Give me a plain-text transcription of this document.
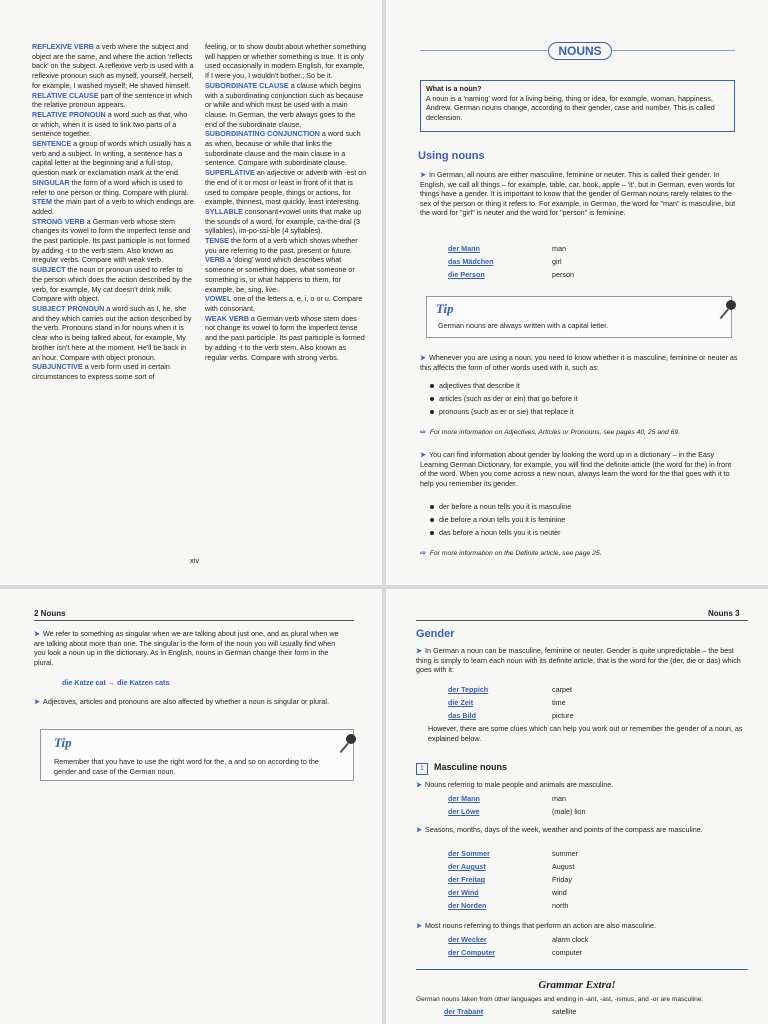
REFLEXIVE VERB a verb where the subject and object are the same, and where the action 'reflects back' on the subject. A reflexive verb is used with a reflexive pronoun such as myself, yourself, herself, for example, I washed myself; He shaved himself.

RELATIVE CLAUSE part of the sentence in which the relative pronoun appears.

RELATIVE PRONOUN a word such as that, who or which, when it is used to link two parts of a sentence together.

SENTENCE a group of words which usually has a verb and a subject. In writing, a sentence has a capital letter at the beginning and a full stop, question mark or exclamation mark at the end.

SINGULAR the form of a word which is used to refer to one person or thing. Compare with plural.

STEM the main part of a verb to which endings are added.

STRONG VERB a German verb whose stem changes its vowel to form the imperfect tense and the past participle. Its past participle is not formed by adding -t to the verb stem. Also known as irregular verbs. Compare with weak verb.

SUBJECT the noun or pronoun used to refer to the person which does the action described by the verb, for example, My cat doesn't drink milk. Compare with object.

SUBJECT PRONOUN a word such as I, he, she and they which carries out the action described by the verb. Pronouns stand in for nouns when it is clear who is being talked about, for example, My brother isn't here at the moment. He'll be back in an hour. Compare with object pronoun.

SUBJUNCTIVE a verb form used in certain circumstances to express some sort of

feeling, or to show doubt about whether something will happen or whether something is true. It is only used occasionally in modern English, for example, If I were you, I wouldn't bother.; So be it.

SUBORDINATE CLAUSE a clause which begins with a subordinating conjunction such as because or while and which must be used with a main clause. In German, the verb always goes to the end of the subordinate clause.

SUBORDINATING CONJUNCTION a word such as when, because or while that links the subordinate clause and the main clause in a sentence. Compare with subordinate clause.

SUPERLATIVE an adjective or adverb with -est on the end of it or most or least in front of it that is used to compare people, things or actions, for example, thinnest, most quickly, least interesting.

SYLLABLE consonant+vowel units that make up the sounds of a word, for example, ca-the-dral (3 syllables), im-po-ssi-ble (4 syllables).

TENSE the form of a verb which shows whether you are referring to the past, present or future.

VERB a 'doing' word which describes what someone or something does, what someone or something is, or what happens to them, for example, be, sing, live.

VOWEL one of the letters a, e, i, o or u. Compare with consonant.

WEAK VERB a German verb whose stem does not change its vowel to form the imperfect tense and the past participle. Its past participle is formed by adding -t to the verb stem. Also known as regular verbs. Compare with strong verbs.

xiv
NOUNS
What is a noun?
A noun is a 'naming' word for a living being, thing or idea, for example, woman, happiness, Andrew. German nouns change, according to their gender, case and number. This is called declension.
Using nouns
➤ In German, all nouns are either masculine, feminine or neuter. This is called their gender. In English, we call all things – for example, table, car, book, apple – 'it', but in German, even words for things have a gender. It is important to know that the gender of German nouns rarely relates to the sex of the person or thing it refers to. For example, in German, the word for "man" is masculine, but the word for "girl" is neuter and the word for "person" is feminine.
der Mann	man
das Mädchen	girl
die Person	person
Tip
German nouns are always written with a capital letter.
➤ Whenever you are using a noun, you need to know whether it is masculine, feminine or neuter as this affects the form of other words used with it, such as:
adjectives that describe it
articles (such as der or ein) that go before it
pronouns (such as er or sie) that replace it
⇨ For more information on Adjectives, Articles or Pronouns, see pages 40, 25 and 69.
➤ You can find information about gender by looking the word up in a dictionary – in the Easy Learning German Dictionary, for example, you will find the definite article (the word for the) in front of the word. When you come across a new noun, always learn the word for the that goes with it to help you remember its gender.
der before a noun tells you it is masculine
die before a noun tells you it is feminine
das before a noun tells you it is neuter
⇨ For more information on the Definite article, see page 25.
2 Nouns
➤ We refer to something as singular when we are talking about just one, and as plural when we are talking about more than one. The singular is the form of the noun you will usually find when you look a noun up in the dictionary. As in English, nouns in German change their form in the plural.
die Katze cat → die Katzen cats
➤ Adjectives, articles and pronouns are also affected by whether a noun is singular or plural.
Tip
Remember that you have to use the right word for the, a and so on according to the gender and case of the German noun.
Nouns 3
Gender
➤ In German a noun can be masculine, feminine or neuter. Gender is quite unpredictable – the best thing is simply to learn each noun with its definite article, that is the word for the (der, die or das) which goes with it:
der Teppich	carpet
die Zeit	time
das Bild	picture
However, there are some clues which can help you work out or remember the gender of a noun, as explained below.
1 Masculine nouns
➤ Nouns referring to male people and animals are masculine.
der Mann	man
der Löwe	(male) lion
➤ Seasons, months, days of the week, weather and points of the compass are masculine.
der Sommer	summer
der August	August
der Freitag	Friday
der Wind	wind
der Norden	north
➤ Most nouns referring to things that perform an action are also masculine.
der Wecker	alarm clock
der Computer	computer
Grammar Extra!
German nouns taken from other languages and ending in -ant, -ast, -ismus, and -or are masculine:
der Trabant	satellite
